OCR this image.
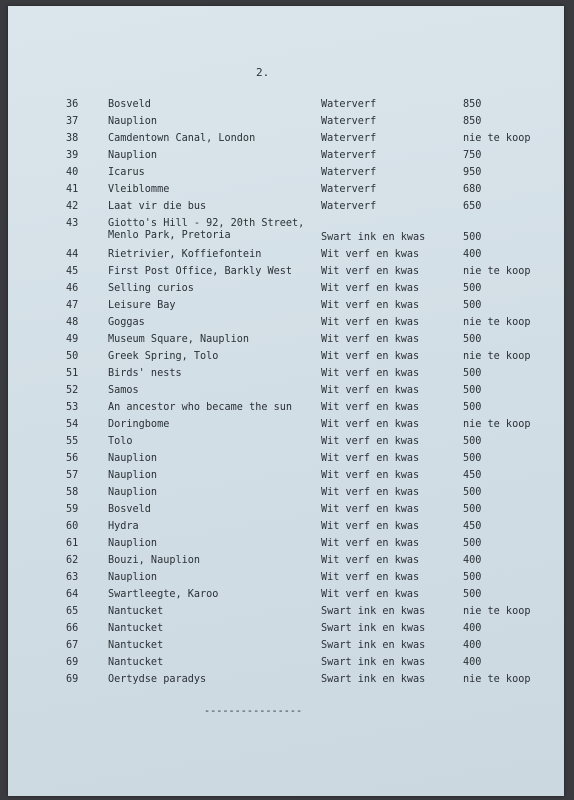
2.
36	Bosveld	Waterverf	850
37	Nauplion	Waterverf	850
38	Camdentown Canal, London	Waterverf	nie te koop
39	Nauplion	Waterverf	750
40	Icarus	Waterverf	950
41	Vleiblomme	Waterverf	680
42	Laat vir die bus	Waterverf	650
43	Giotto's Hill - 92, 20th Street,
Menlo Park, Pretoria	Swart ink en kwas	500
44	Rietrivier, Koffiefontein	Wit verf en kwas	400
45	First Post Office, Barkly West	Wit verf en kwas	nie te koop
46	Selling curios	Wit verf en kwas	500
47	Leisure Bay	Wit verf en kwas	500
48	Goggas	Wit verf en kwas	nie te koop
49	Museum Square, Nauplion	Wit verf en kwas	500
50	Greek Spring, Tolo	Wit verf en kwas	nie te koop
51	Birds' nests	Wit verf en kwas	500
52	Samos	Wit verf en kwas	500
53	An ancestor who became the sun	Wit verf en kwas	500
54	Doringbome	Wit verf en kwas	nie te koop
55	Tolo	Wit verf en kwas	500
56	Nauplion	Wit verf en kwas	500
57	Nauplion	Wit verf en kwas	450
58	Nauplion	Wit verf en kwas	500
59	Bosveld	Wit verf en kwas	500
60	Hydra	Wit verf en kwas	450
61	Nauplion	Wit verf en kwas	500
62	Bouzi, Nauplion	Wit verf en kwas	400
63	Nauplion	Wit verf en kwas	500
64	Swartleegte, Karoo	Wit verf en kwas	500
65	Nantucket	Swart ink en kwas	nie te koop
66	Nantucket	Swart ink en kwas	400
67	Nantucket	Swart ink en kwas	400
69	Nantucket	Swart ink en kwas	400
69	Oertydse paradys	Swart ink en kwas	nie te koop
----------------
